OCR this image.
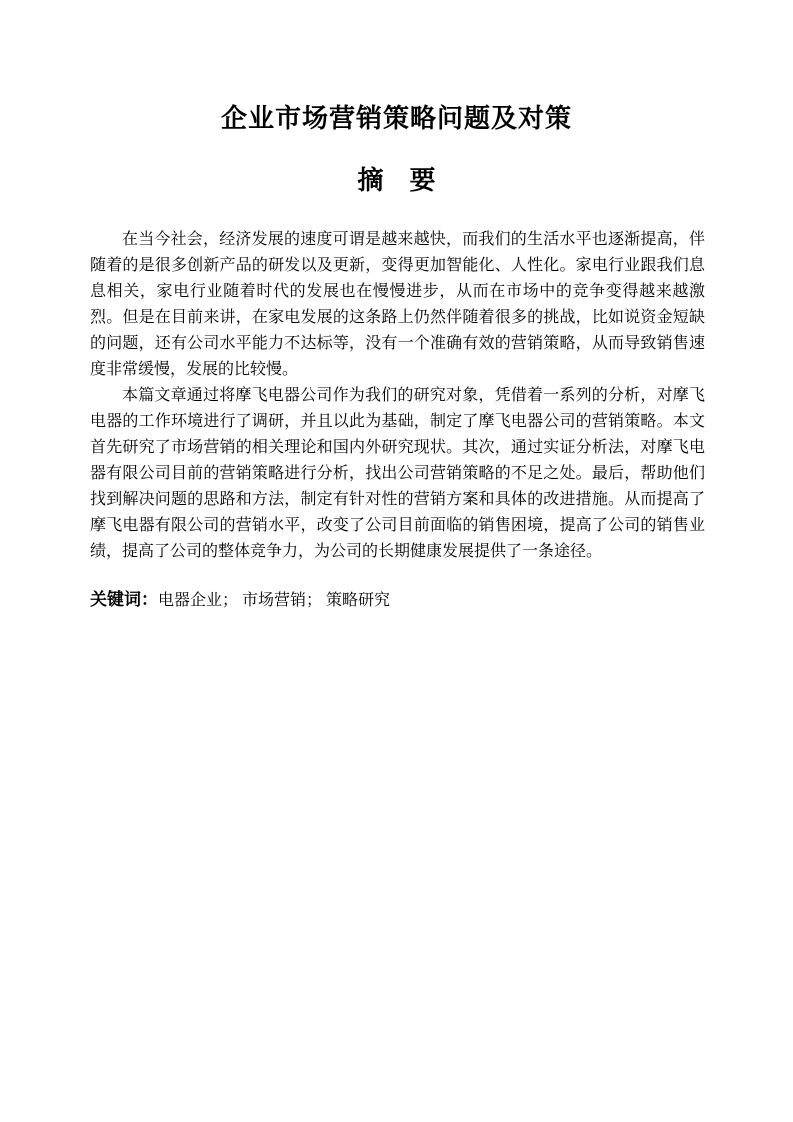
企业市场营销策略问题及对策
摘　要

在当今社会，经济发展的速度可谓是越来越快，而我们的生活水平也逐渐提高，伴随着的是很多创新产品的研发以及更新，变得更加智能化、人性化。家电行业跟我们息息相关，家电行业随着时代的发展也在慢慢进步，从而在市场中的竞争变得越来越激烈。但是在目前来讲，在家电发展的这条路上仍然伴随着很多的挑战，比如说资金短缺的问题，还有公司水平能力不达标等，没有一个准确有效的营销策略，从而导致销售速度非常缓慢，发展的比较慢。

本篇文章通过将摩飞电器公司作为我们的研究对象，凭借着一系列的分析，对摩飞电器的工作环境进行了调研，并且以此为基础，制定了摩飞电器公司的营销策略。本文首先研究了市场营销的相关理论和国内外研究现状。其次，通过实证分析法，对摩飞电器有限公司目前的营销策略进行分析，找出公司营销策略的不足之处。最后，帮助他们找到解决问题的思路和方法，制定有针对性的营销方案和具体的改进措施。从而提高了摩飞电器有限公司的营销水平，改变了公司目前面临的销售困境，提高了公司的销售业绩，提高了公司的整体竞争力，为公司的长期健康发展提供了一条途径。

关键词：电器企业； 市场营销； 策略研究
